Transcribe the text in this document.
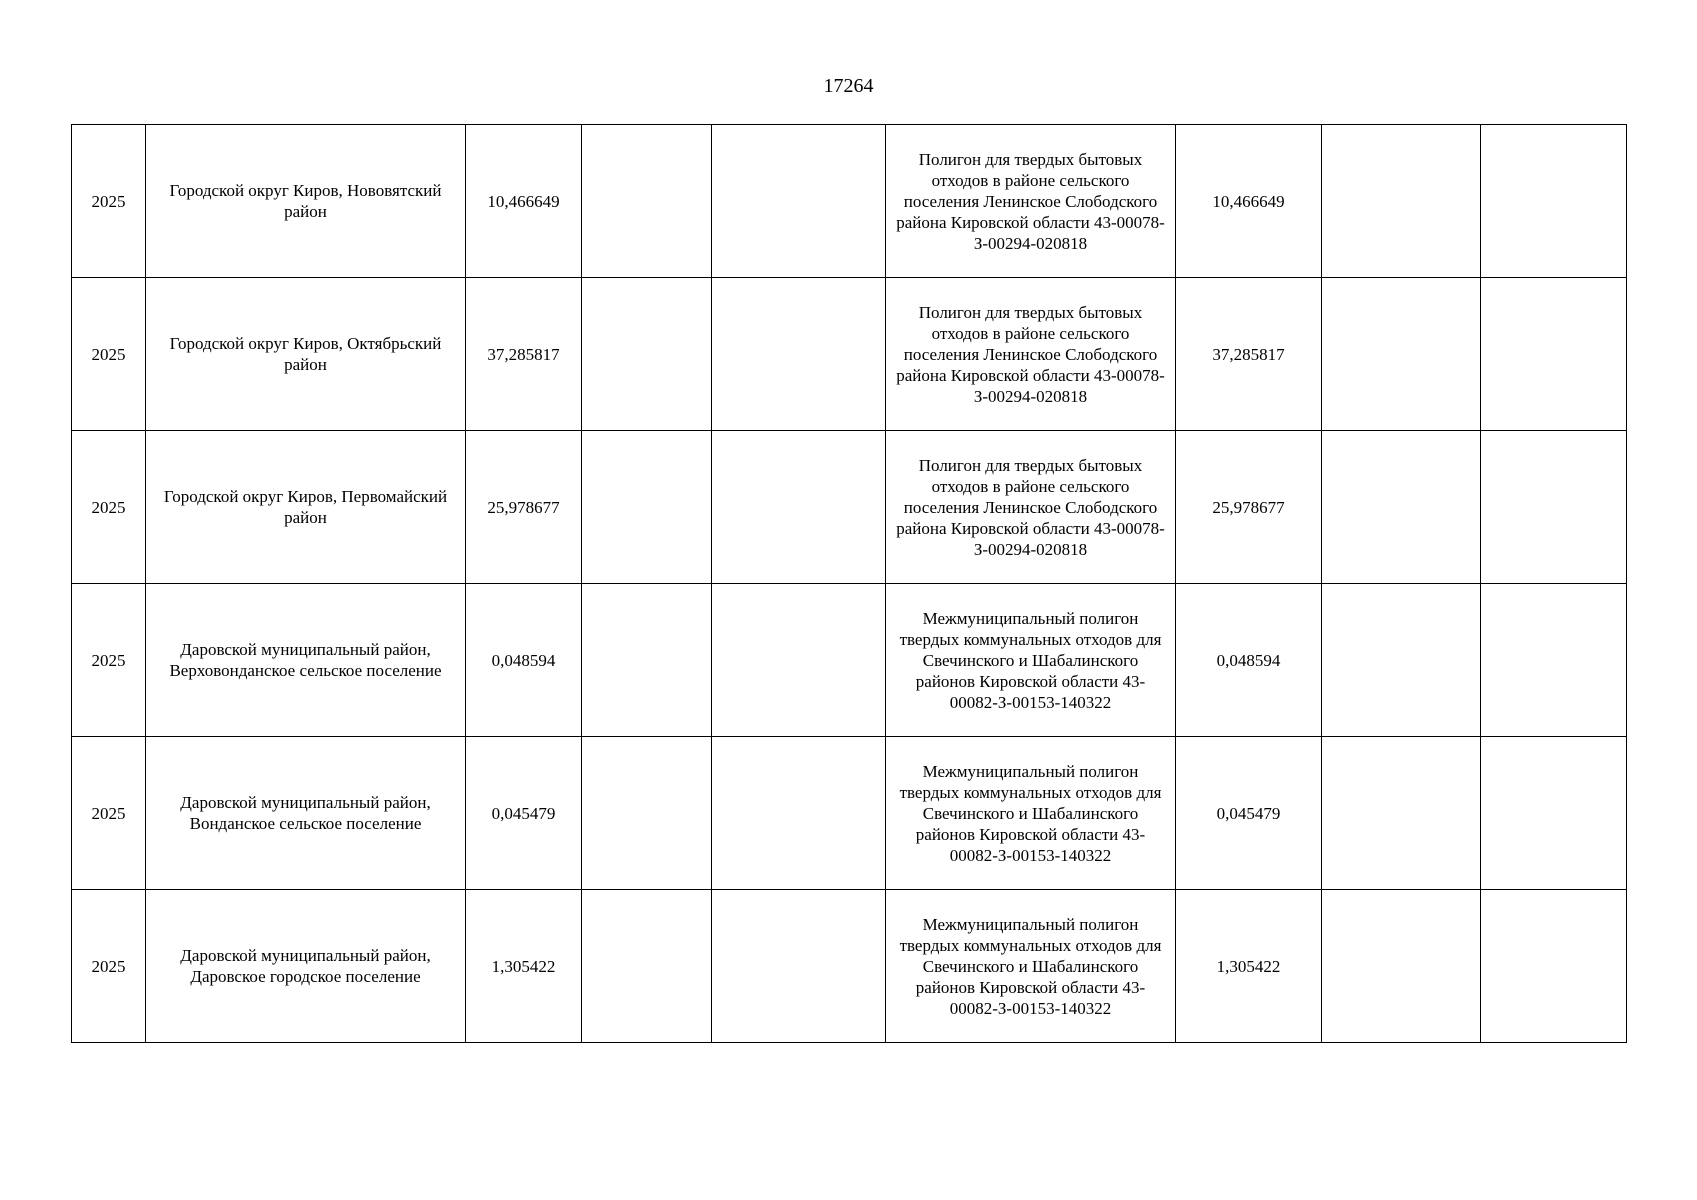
17264
2025	Городской округ Киров, Нововятский район	10,466649			Полигон для твердых бытовых отходов в районе сельского поселения Ленинское Слободского района Кировской области 43-00078-З-00294-020818	10,466649		
2025	Городской округ Киров, Октябрьский район	37,285817			Полигон для твердых бытовых отходов в районе сельского поселения Ленинское Слободского района Кировской области 43-00078-З-00294-020818	37,285817		
2025	Городской округ Киров, Первомайский район	25,978677			Полигон для твердых бытовых отходов в районе сельского поселения Ленинское Слободского района Кировской области 43-00078-З-00294-020818	25,978677		
2025	Даровской муниципальный район, Верховонданское сельское поселение	0,048594			Межмуниципальный полигон твердых коммунальных отходов для Свечинского и Шабалинского районов Кировской области 43-00082-З-00153-140322	0,048594		
2025	Даровской муниципальный район, Вонданское сельское поселение	0,045479			Межмуниципальный полигон твердых коммунальных отходов для Свечинского и Шабалинского районов Кировской области 43-00082-З-00153-140322	0,045479		
2025	Даровской муниципальный район, Даровское городское поселение	1,305422			Межмуниципальный полигон твердых коммунальных отходов для Свечинского и Шабалинского районов Кировской области 43-00082-З-00153-140322	1,305422		
